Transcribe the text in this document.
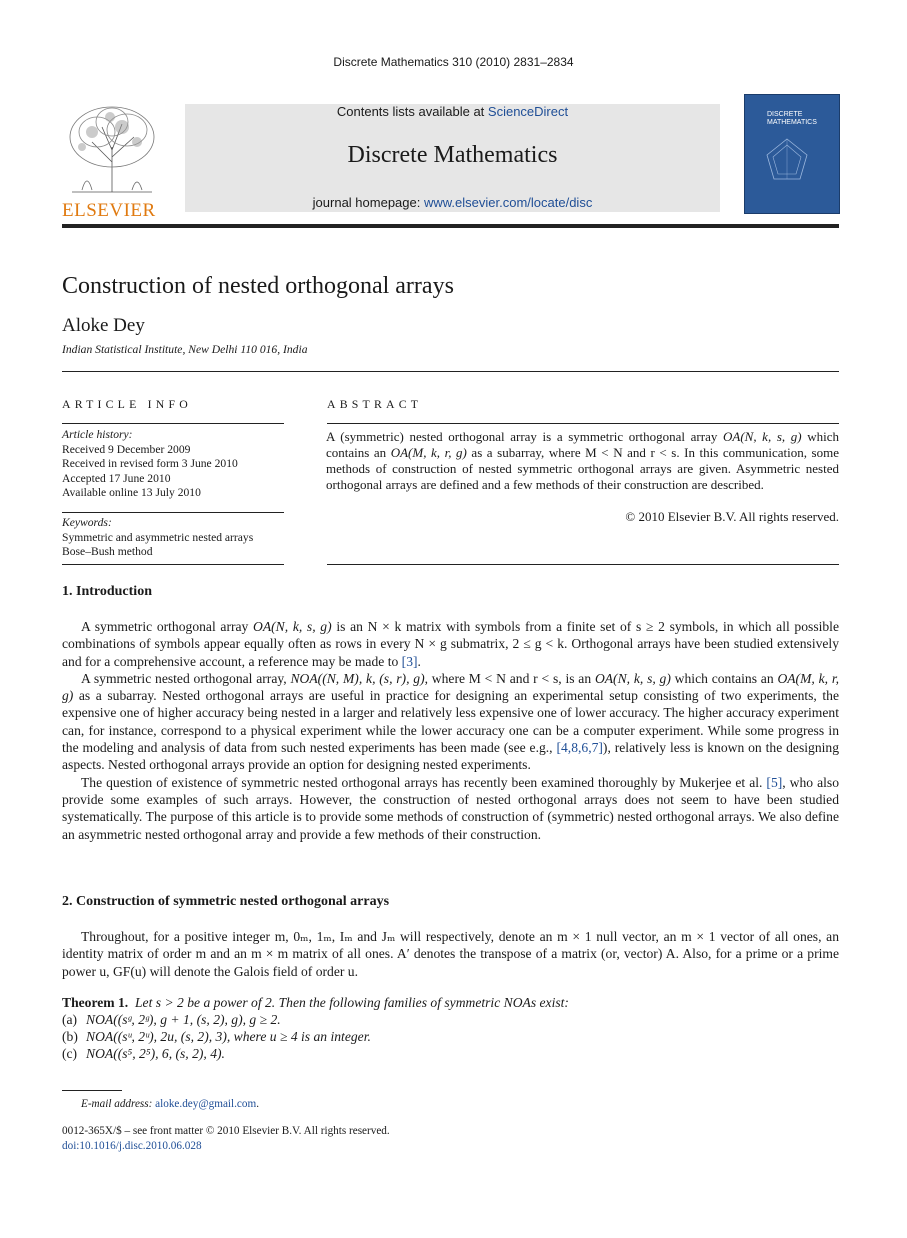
Discrete Mathematics 310 (2010) 2831–2834
ELSEVIER
Contents lists available at ScienceDirect
Discrete Mathematics
journal homepage: www.elsevier.com/locate/disc
DISCRETE
MATHEMATICS
Construction of nested orthogonal arrays
Aloke Dey
Indian Statistical Institute, New Delhi 110 016, India
ARTICLE INFO
Article history:
Received 9 December 2009
Received in revised form 3 June 2010
Accepted 17 June 2010
Available online 13 July 2010
Keywords:
Symmetric and asymmetric nested arrays
Bose–Bush method
ABSTRACT

A (symmetric) nested orthogonal array is a symmetric orthogonal array OA(N, k, s, g) which contains an OA(M, k, r, g) as a subarray, where M < N and r < s. In this communication, some methods of construction of nested symmetric orthogonal arrays are given. Asymmetric nested orthogonal arrays are defined and a few methods of their construction are described.

© 2010 Elsevier B.V. All rights reserved.
1. Introduction

A symmetric orthogonal array OA(N, k, s, g) is an N × k matrix with symbols from a finite set of s ≥ 2 symbols, in which all possible combinations of symbols appear equally often as rows in every N × g submatrix, 2 ≤ g < k. Orthogonal arrays have been studied extensively and for a comprehensive account, a reference may be made to [3].

A symmetric nested orthogonal array, NOA((N, M), k, (s, r), g), where M < N and r < s, is an OA(N, k, s, g) which contains an OA(M, k, r, g) as a subarray. Nested orthogonal arrays are useful in practice for designing an experimental setup consisting of two experiments, the expensive one of higher accuracy being nested in a larger and relatively less expensive one of lower accuracy. The higher accuracy experiment can, for instance, correspond to a physical experiment while the lower accuracy one can be a computer experiment. While some progress in the modeling and analysis of data from such nested experiments has been made (see e.g., [4,8,6,7]), relatively less is known on the designing aspects. Nested orthogonal arrays provide an option for designing nested experiments.

The question of existence of symmetric nested orthogonal arrays has recently been examined thoroughly by Mukerjee et al. [5], who also provide some examples of such arrays. However, the construction of nested orthogonal arrays does not seem to have been studied systematically. The purpose of this article is to provide some methods of construction of (symmetric) nested orthogonal arrays. We also define an asymmetric nested orthogonal array and provide a few methods of their construction.

2. Construction of symmetric nested orthogonal arrays

Throughout, for a positive integer m, 0ₘ, 1ₘ, Iₘ and Jₘ will respectively, denote an m × 1 null vector, an m × 1 vector of all ones, an identity matrix of order m and an m × m matrix of all ones. A′ denotes the transpose of a matrix (or, vector) A. Also, for a prime or a prime power u, GF(u) will denote the Galois field of order u.

Theorem 1. Let s > 2 be a power of 2. Then the following families of symmetric NOAs exist:
(a) NOA((sᵍ, 2ᵍ), g + 1, (s, 2), g), g ≥ 2.
(b) NOA((sᵘ, 2ᵘ), 2u, (s, 2), 3), where u ≥ 4 is an integer.
(c) NOA((s⁵, 2⁵), 6, (s, 2), 4).
E-mail address: aloke.dey@gmail.com.
0012-365X/$ – see front matter © 2010 Elsevier B.V. All rights reserved.
doi:10.1016/j.disc.2010.06.028
